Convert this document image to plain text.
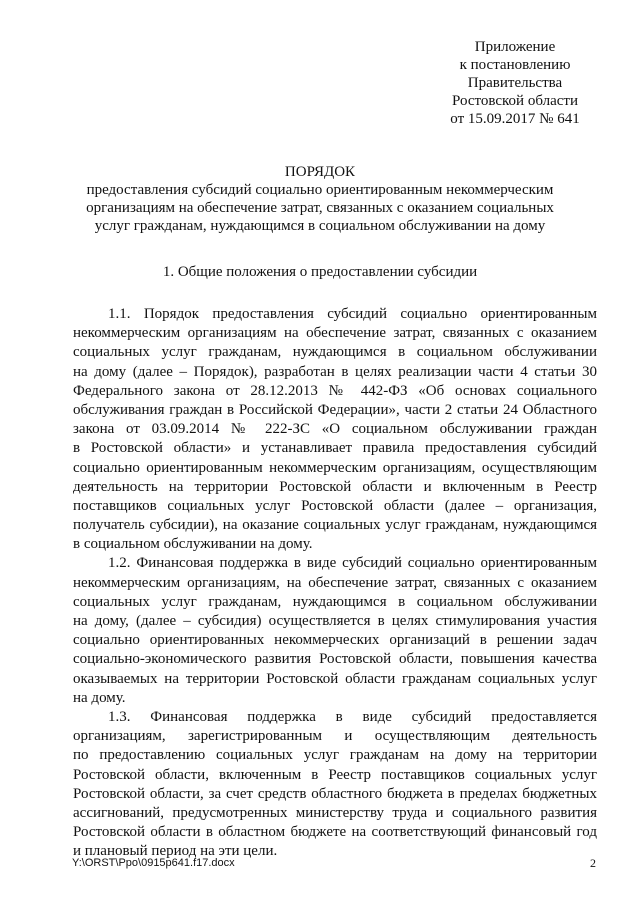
Приложение
к постановлению
Правительства
Ростовской области
от 15.09.2017 № 641
ПОРЯДОК
предоставления субсидий социально ориентированным некоммерческим
организациям на обеспечение затрат, связанных с оказанием социальных
услуг гражданам, нуждающимся в социальном обслуживании на дому
1. Общие положения о предоставлении субсидии
1.1. Порядок предоставления субсидий социально ориентированным
некоммерческим организациям на обеспечение затрат, связанных с оказанием
социальных услуг гражданам, нуждающимся в социальном обслуживании
на дому (далее – Порядок), разработан в целях реализации части 4 статьи 30
Федерального закона от 28.12.2013 № 442-ФЗ «Об основах социального
обслуживания граждан в Российской Федерации», части 2 статьи 24 Областного
закона от 03.09.2014 № 222-ЗС «О социальном обслуживании граждан
в Ростовской области» и устанавливает правила предоставления субсидий
социально ориентированным некоммерческим организациям, осуществляющим
деятельность на территории Ростовской области и включенным в Реестр
поставщиков социальных услуг Ростовской области (далее – организация,
получатель субсидии), на оказание социальных услуг гражданам, нуждающимся
в социальном обслуживании на дому.
1.2. Финансовая поддержка в виде субсидий социально ориентированным
некоммерческим организациям, на обеспечение затрат, связанных с оказанием
социальных услуг гражданам, нуждающимся в социальном обслуживании
на дому, (далее – субсидия) осуществляется в целях стимулирования участия
социально ориентированных некоммерческих организаций в решении задач
социально-экономического развития Ростовской области, повышения качества
оказываемых на территории Ростовской области гражданам социальных услуг
на дому.
1.3. Финансовая поддержка в виде субсидий предоставляется
организациям, зарегистрированным и осуществляющим деятельность
по предоставлению социальных услуг гражданам на дому на территории
Ростовской области, включенным в Реестр поставщиков социальных услуг
Ростовской области, за счет средств областного бюджета в пределах бюджетных
ассигнований, предусмотренных министерству труда и социального развития
Ростовской области в областном бюджете на соответствующий финансовый год
и плановый период на эти цели.
Y:\ORST\Ppo\0915p641.f17.docx	2
